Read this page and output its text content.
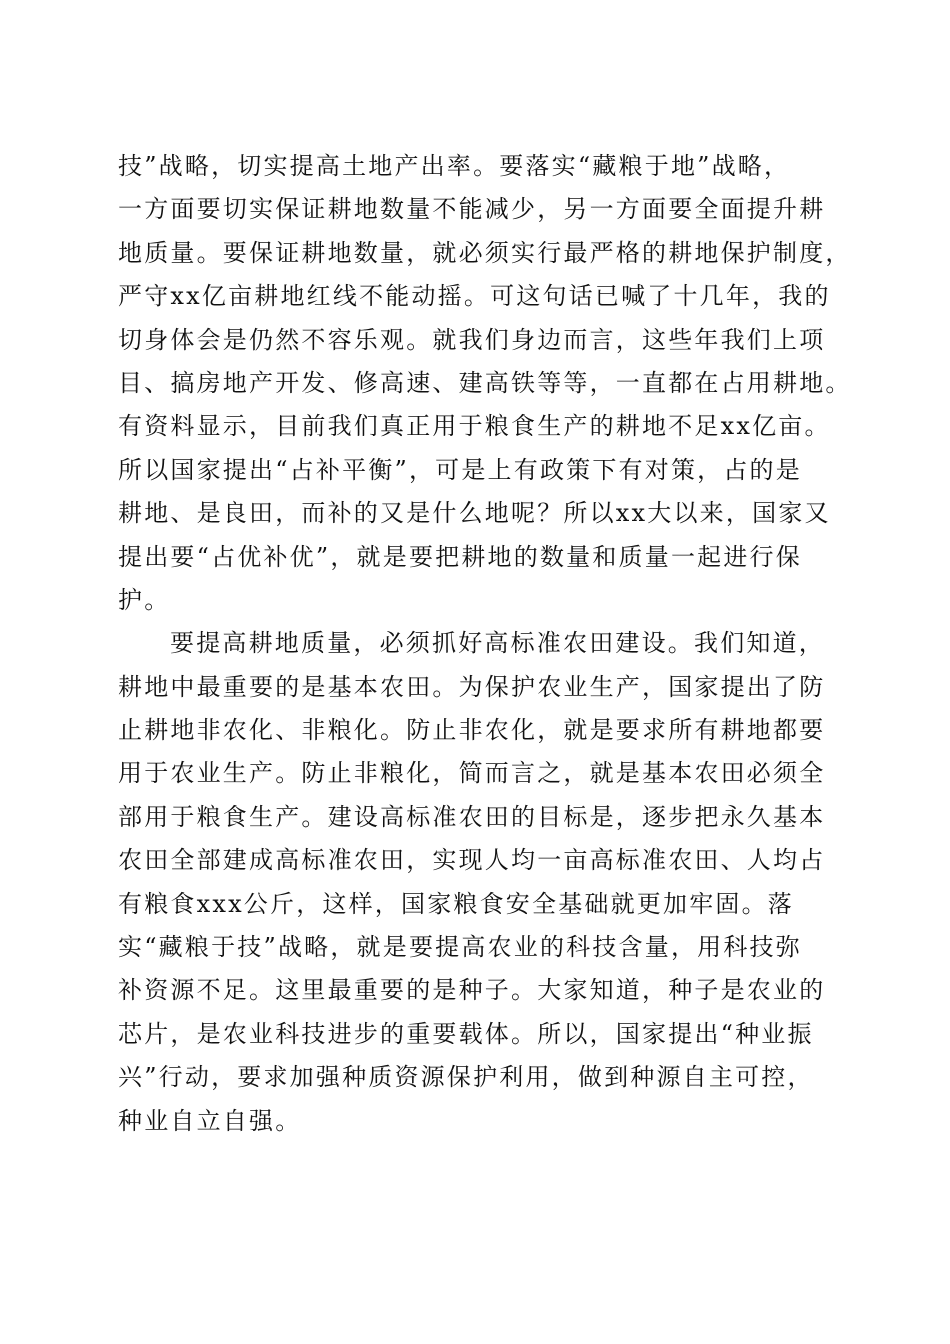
技”战略，切实提高土地产出率。要落实“藏粮于地”战略，
一方面要切实保证耕地数量不能减少，另一方面要全面提升耕
地质量。要保证耕地数量，就必须实行最严格的耕地保护制度，
严守xx亿亩耕地红线不能动摇。可这句话已喊了十几年，我的
切身体会是仍然不容乐观。就我们身边而言，这些年我们上项
目、搞房地产开发、修高速、建高铁等等，一直都在占用耕地。
有资料显示，目前我们真正用于粮食生产的耕地不足xx亿亩。
所以国家提出“占补平衡”，可是上有政策下有对策，占的是
耕地、是良田，而补的又是什么地呢？所以xx大以来，国家又
提出要“占优补优”，就是要把耕地的数量和质量一起进行保
护。
要提高耕地质量，必须抓好高标准农田建设。我们知道，
耕地中最重要的是基本农田。为保护农业生产，国家提出了防
止耕地非农化、非粮化。防止非农化，就是要求所有耕地都要
用于农业生产。防止非粮化，简而言之，就是基本农田必须全
部用于粮食生产。建设高标准农田的目标是，逐步把永久基本
农田全部建成高标准农田，实现人均一亩高标准农田、人均占
有粮食xxx公斤，这样，国家粮食安全基础就更加牢固。落
实“藏粮于技”战略，就是要提高农业的科技含量，用科技弥
补资源不足。这里最重要的是种子。大家知道，种子是农业的
芯片，是农业科技进步的重要载体。所以，国家提出“种业振
兴”行动，要求加强种质资源保护利用，做到种源自主可控，
种业自立自强。
